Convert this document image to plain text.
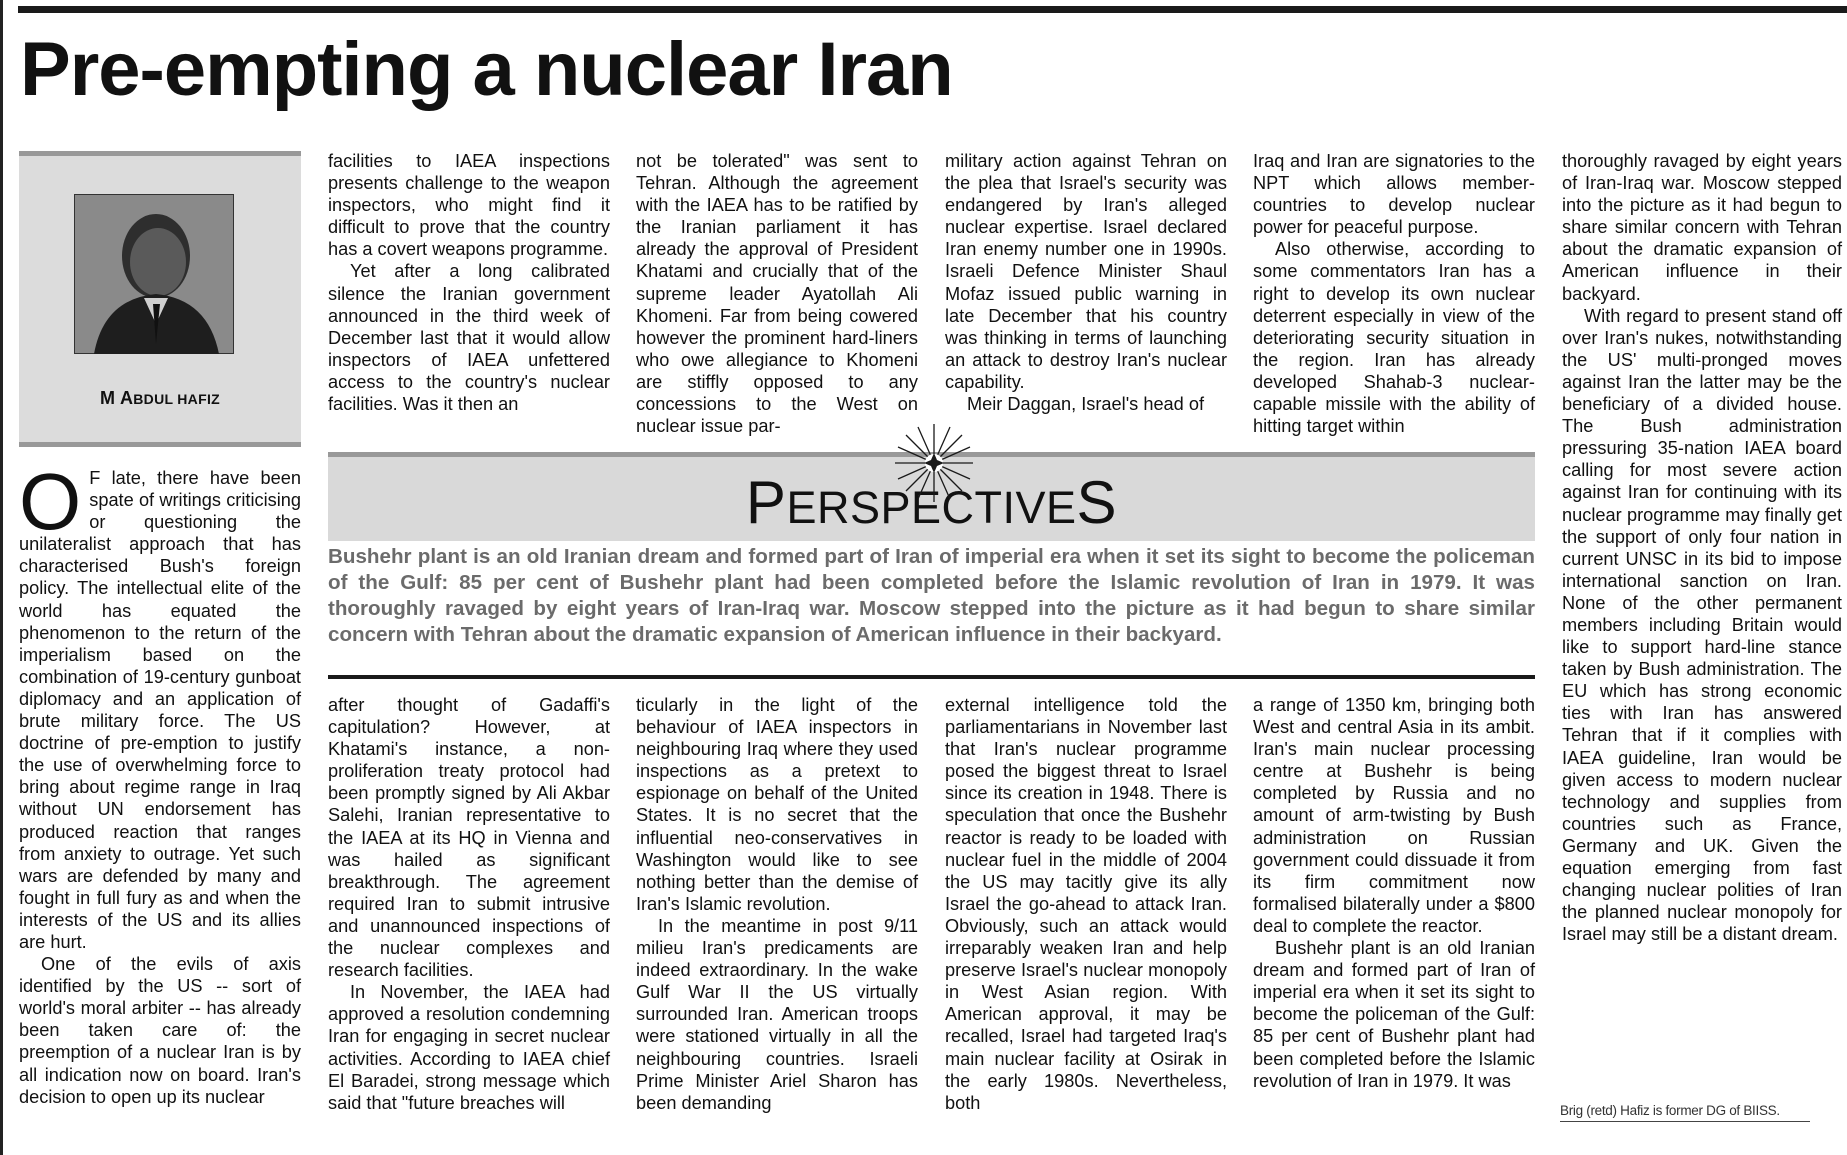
Pre-empting a nuclear Iran
M ABDUL HAFIZ

O F late, there have been spate of writings criticising or questioning the unilateralist approach that has characterised Bush's foreign policy. The intellectual elite of the world has equated the phenomenon to the return of the imperialism based on the combination of 19-century gunboat diplomacy and an application of brute military force. The US doctrine of pre-emption to justify the use of overwhelming force to bring about regime range in Iraq without UN endorsement has produced reaction that ranges from anxiety to outrage. Yet such wars are defended by many and fought in full fury as and when the interests of the US and its allies are hurt.

One of the evils of axis identified by the US -- sort of world's moral arbiter -- has already been taken care of: the preemption of a nuclear Iran is by all indication now on board. Iran's decision to open up its nuclear

facilities to IAEA inspections presents challenge to the weapon inspectors, who might find it difficult to prove that the country has a covert weapons programme.

Yet after a long calibrated silence the Iranian government announced in the third week of December last that it would allow inspectors of IAEA unfettered access to the country's nuclear facilities. Was it then an

not be tolerated" was sent to Tehran. Although the agreement with the IAEA has to be ratified by the Iranian parliament it has already the approval of President Khatami and crucially that of the supreme leader Ayatollah Ali Khomeni. Far from being cowered however the prominent hard-liners who owe allegiance to Khomeni are stiffly opposed to any concessions to the West on nuclear issue par-

military action against Tehran on the plea that Israel's security was endangered by Iran's alleged nuclear expertise. Israel declared Iran enemy number one in 1990s. Israeli Defence Minister Shaul Mofaz issued public warning in late December that his country was thinking in terms of launching an attack to destroy Iran's nuclear capability.

Meir Daggan, Israel's head of

Iraq and Iran are signatories to the NPT which allows member-countries to develop nuclear power for peaceful purpose.

Also otherwise, according to some commentators Iran has a right to develop its own nuclear deterrent especially in view of the deteriorating security situation in the region. Iran has already developed Shahab-3 nuclear-capable missile with the ability of hitting target within

PERSPECTIVES
Bushehr plant is an old Iranian dream and formed part of Iran of imperial era when it set its sight to become the policeman of the Gulf: 85 per cent of Bushehr plant had been completed before the Islamic revolution of Iran in 1979. It was thoroughly ravaged by eight years of Iran-Iraq war. Moscow stepped into the picture as it had begun to share similar concern with Tehran about the dramatic expansion of American influence in their backyard.

after thought of Gadaffi's capitulation? However, at Khatami's instance, a non-proliferation treaty protocol had been promptly signed by Ali Akbar Salehi, Iranian representative to the IAEA at its HQ in Vienna and was hailed as significant breakthrough. The agreement required Iran to submit intrusive and unannounced inspections of the nuclear complexes and research facilities.

In November, the IAEA had approved a resolution condemning Iran for engaging in secret nuclear activities. According to IAEA chief El Baradei, strong message which said that "future breaches will

ticularly in the light of the behaviour of IAEA inspectors in neighbouring Iraq where they used inspections as a pretext to espionage on behalf of the United States. It is no secret that the influential neo-conservatives in Washington would like to see nothing better than the demise of Iran's Islamic revolution.

In the meantime in post 9/11 milieu Iran's predicaments are indeed extraordinary. In the wake Gulf War II the US virtually surrounded Iran. American troops were stationed virtually in all the neighbouring countries. Israeli Prime Minister Ariel Sharon has been demanding

external intelligence told the parliamentarians in November last that Iran's nuclear programme posed the biggest threat to Israel since its creation in 1948. There is speculation that once the Bushehr reactor is ready to be loaded with nuclear fuel in the middle of 2004 the US may tacitly give its ally Israel the go-ahead to attack Iran. Obviously, such an attack would irreparably weaken Iran and help preserve Israel's nuclear monopoly in West Asian region. With American approval, it may be recalled, Israel had targeted Iraq's main nuclear facility at Osirak in the early 1980s. Nevertheless, both

a range of 1350 km, bringing both West and central Asia in its ambit. Iran's main nuclear processing centre at Bushehr is being completed by Russia and no amount of arm-twisting by Bush administration on Russian government could dissuade it from its firm commitment now formalised bilaterally under a $800 deal to complete the reactor.

Bushehr plant is an old Iranian dream and formed part of Iran of imperial era when it set its sight to become the policeman of the Gulf: 85 per cent of Bushehr plant had been completed before the Islamic revolution of Iran in 1979. It was

thoroughly ravaged by eight years of Iran-Iraq war. Moscow stepped into the picture as it had begun to share similar concern with Tehran about the dramatic expansion of American influence in their backyard.

With regard to present stand off over Iran's nukes, notwithstanding the US' multi-pronged moves against Iran the latter may be the beneficiary of a divided house. The Bush administration pressuring 35-nation IAEA board calling for most severe action against Iran for continuing with its nuclear programme may finally get the support of only four nation in current UNSC in its bid to impose international sanction on Iran. None of the other permanent members including Britain would like to support hard-line stance taken by Bush administration. The EU which has strong economic ties with Iran has answered Tehran that if it complies with IAEA guideline, Iran would be given access to modern nuclear technology and supplies from countries such as France, Germany and UK. Given the equation emerging from fast changing nuclear polities of Iran the planned nuclear monopoly for Israel may still be a distant dream.

Brig (retd) Hafiz is former DG of BIISS.
